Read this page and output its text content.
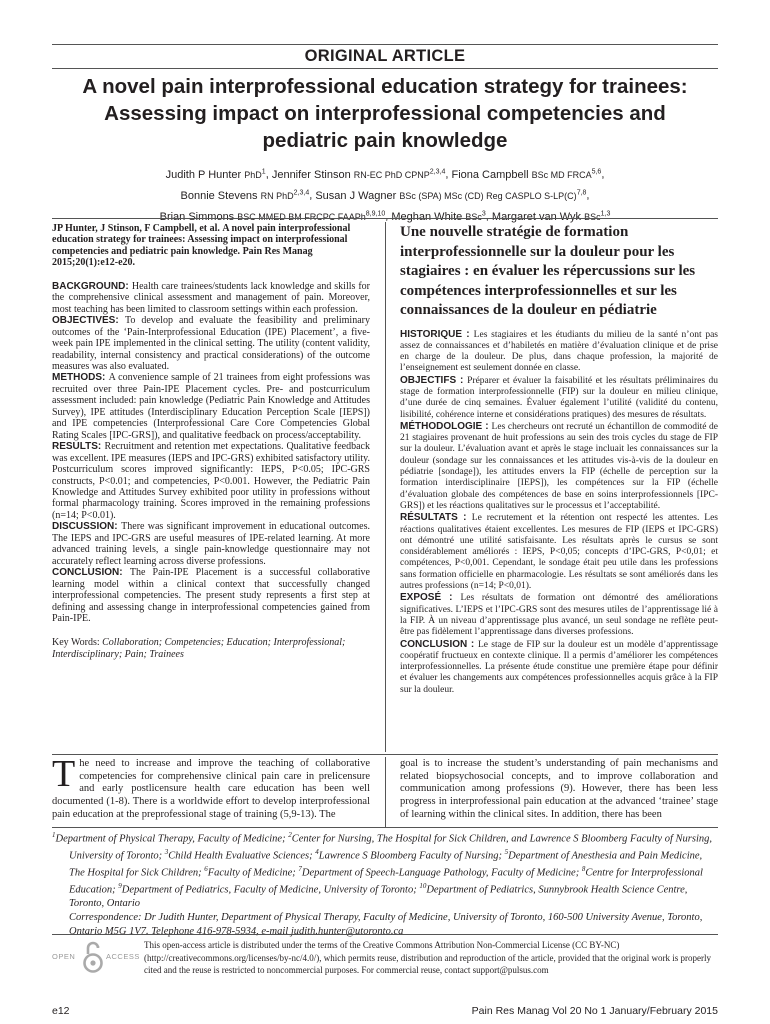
ORIGINAL ARTICLE
A novel pain interprofessional education strategy for trainees: Assessing impact on interprofessional competencies and pediatric pain knowledge
Judith P Hunter PhD$^1$, Jennifer Stinson RN-EC PhD CPNP$^{2,3,4}$, Fiona Campbell BSc MD FRCA$^{5,6}$,
Bonnie Stevens RN PhD$^{2,3,4}$, Susan J Wagner BSc (SPA) MSc (CD) Reg CASPLO $S-LP(C)^{7,8}$,
Brian Simmons BSC MMED BM FRCPC FAAPh$^{8,9,10}$, Meghan White BSc$^3$, Margaret van Wyk BSc$^{1,3}$
JP Hunter, J Stinson, F Campbell, et al. A novel pain interprofessional education strategy for trainees: Assessing impact on interprofessional competencies and pediatric pain knowledge. Pain Res Manag 2015;20(1):e12-e20.
BACKGROUND: Health care trainees/students lack knowledge and skills for the comprehensive clinical assessment and management of pain. Moreover, most teaching has been limited to classroom settings within each profession.
OBJECTIVES: To develop and evaluate the feasibility and preliminary outcomes of the ‘Pain-Interprofessional Education (IPE) Placement’, a five-week pain IPE implemented in the clinical setting. The utility (content validity, readability, internal consistency and practical considerations) of the outcome measures was also evaluated.
METHODS: A convenience sample of 21 trainees from eight professions was recruited over three Pain-IPE Placement cycles. Pre- and postcurriculum assessment included: pain knowledge (Pediatric Pain Knowledge and Attitudes Survey), IPE attitudes (Interdisciplinary Education Perception Scale [IEPS]) and IPE competencies (Interprofessional Care Core Competencies Global Rating Scales [IPC-GRS]), and qualitative feedback on process/acceptability.
RESULTS: Recruitment and retention met expectations. Qualitative feedback was excellent. IPE measures (IEPS and IPC-GRS) exhibited satisfactory utility. Postcurriculum scores improved significantly: IEPS, P<0.05; IPC-GRS constructs, P<0.01; and competencies, P<0.001. However, the Pediatric Pain Knowledge and Attitudes Survey exhibited poor utility in professions without formal pharmacology training. Scores improved in the remaining professions (n=14; P<0.01).
DISCUSSION: There was significant improvement in educational outcomes. The IEPS and IPC-GRS are useful measures of IPE-related learning. At more advanced training levels, a single pain-knowledge questionnaire may not accurately reflect learning across diverse professions.
CONCLUSION: The Pain-IPE Placement is a successful collaborative learning model within a clinical context that successfully changed interprofessional competencies. The present study represents a first step at defining and assessing change in interprofessional competencies gained from Pain-IPE.
Key Words: Collaboration; Competencies; Education; Interprofessional; Interdisciplinary; Pain; Trainees
Une nouvelle stratégie de formation interprofessionnelle sur la douleur pour les stagiaires : en évaluer les répercussions sur les compétences interprofessionnelles et sur les connaissances de la douleur en pédiatrie
HISTORIQUE : Les stagiaires et les étudiants du milieu de la santé n’ont pas assez de connaissances et d’habiletés en matière d’évaluation clinique et de prise en charge de la douleur. De plus, dans chaque profession, la majorité de l’enseignement est seulement donnée en classe.
OBJECTIFS : Préparer et évaluer la faisabilité et les résultats préliminaires du stage de formation interprofessionnelle (FIP) sur la douleur en milieu clinique, d’une durée de cinq semaines. Évaluer également l’utilité (validité du contenu, lisibilité, cohérence interne et considérations pratiques) des mesures de résultats.
MÉTHODOLOGIE : Les chercheurs ont recruté un échantillon de commodité de 21 stagiaires provenant de huit professions au sein des trois cycles du stage de FIP sur la douleur. L’évaluation avant et après le stage incluait les connaissances sur la douleur (sondage sur les connaissances et les attitudes vis-à-vis de la douleur en pédiatrie [sondage]), les attitudes envers la FIP (échelle de perception sur la formation interdisciplinaire [IEPS]), les compétences sur la FIP (échelle d’évaluation globale des compétences de base en soins interprofessionnels [IPC-GRS]) et les réactions qualitatives sur le processus et l’acceptabilité.
RÉSULTATS : Le recrutement et la rétention ont respecté les attentes. Les réactions qualitatives étaient excellentes. Les mesures de FIP (IEPS et IPC-GRS) ont démontré une utilité satisfaisante. Les résultats après le cursus se sont considérablement améliorés : IEPS, P<0,05; concepts d’IPC-GRS, P<0,01; et compétences, P<0,001. Cependant, le sondage était peu utile dans les professions sans formation officielle en pharmacologie. Les résultats se sont améliorés dans les autres professions (n=14; P<0,01).
EXPOSÉ : Les résultats de formation ont démontré des améliorations significatives. L’IEPS et l’IPC-GRS sont des mesures utiles de l’apprentissage lié à la FIP. À un niveau d’apprentissage plus avancé, un seul sondage ne reflète peut-être pas fidèlement l’apprentissage dans diverses professions.
CONCLUSION : Le stage de FIP sur la douleur est un modèle d’apprentissage coopératif fructueux en contexte clinique. Il a permis d’améliorer les compétences interprofessionnelles. La présente étude constitue une première étape pour définir et évaluer les changements aux compétences professionnelles acquis grâce à la FIP sur la douleur.
The need to increase and improve the teaching of collaborative competencies for comprehensive clinical pain care in prelicensure and early postlicensure health care education has been well documented (1-8). There is a worldwide effort to develop interprofessional pain education at the preprofessional stage of training (5,9-13). The
goal is to increase the student’s understanding of pain mechanisms and related biopsychosocial concepts, and to improve collaboration and communication among professions (9). However, there has been less progress in interprofessional pain education at the advanced ‘trainee’ stage of learning within the clinical sites. In addition, there has been
$^1$Department of Physical Therapy, Faculty of Medicine; $^2$Center for Nursing, The Hospital for Sick Children, and Lawrence S Bloomberg Faculty of Nursing, University of Toronto; $^3$Child Health Evaluative Sciences; $^4$Lawrence S Bloomberg Faculty of Nursing; $^5$Department of Anesthesia and Pain Medicine, The Hospital for Sick Children; $^6$Faculty of Medicine; $^7$Department of Speech-Language Pathology, Faculty of Medicine; $^8$Centre for Interprofessional Education; $^9$Department of Pediatrics, Faculty of Medicine, University of Toronto; $^{10}$Department of Pediatrics, Sunnybrook Health Science Centre, Toronto, Ontario
Correspondence: Dr Judith Hunter, Department of Physical Therapy, Faculty of Medicine, University of Toronto, 160-500 University Avenue, Toronto, Ontario M5G 1V7. Telephone 416-978-5934, e-mail judith.hunter@utoronto.ca
OPEN	ACCESS
This open-access article is distributed under the terms of the Creative Commons Attribution Non-Commercial License (CC BY-NC) (http://creativecommons.org/licenses/by-nc/4.0/), which permits reuse, distribution and reproduction of the article, provided that the original work is properly cited and the reuse is restricted to noncommercial purposes. For commercial reuse, contact support@pulsus.com
e12	Pain Res Manag Vol 20 No 1 January/February 2015
